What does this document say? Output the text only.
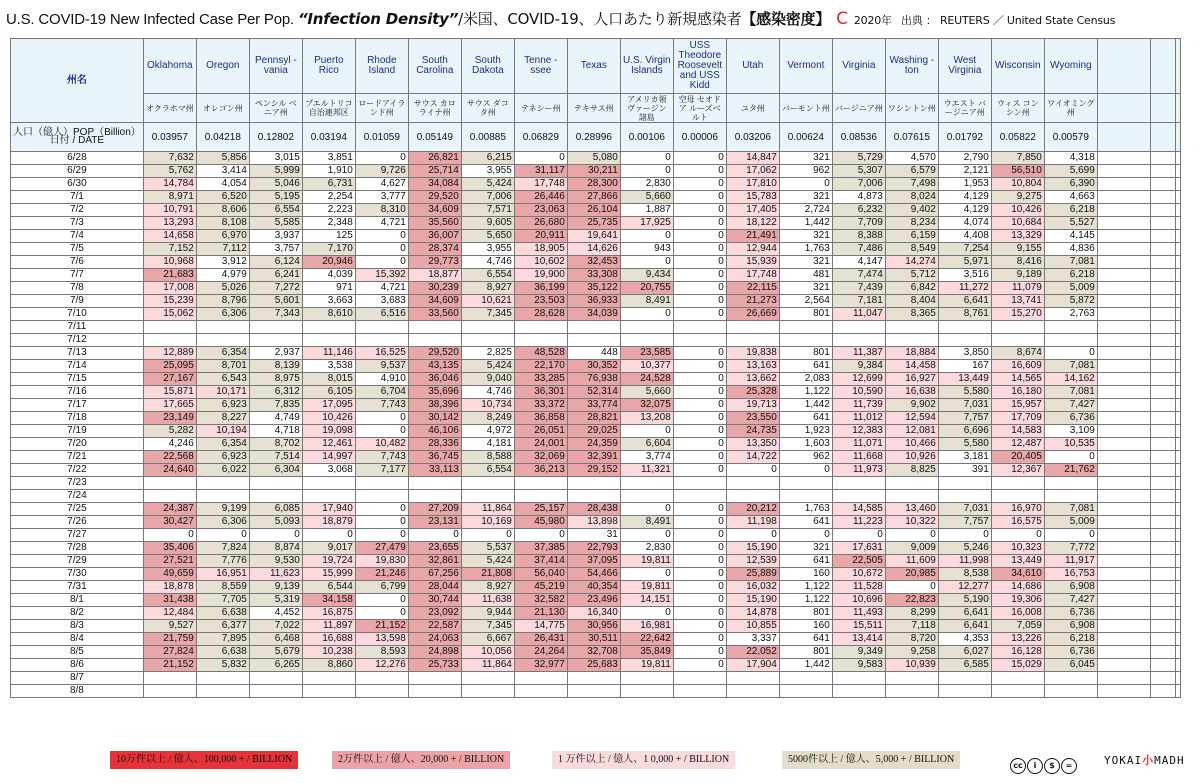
U.S. COVID-19 New Infected Case Per Pop. “Infection Density”/米国、COVID-19、人口あたり新規感染者【感染密度】 C 2020年 出典 ： REUTERS ／ United State Census
州名	Oklahoma	Oregon	Pennsyl -vania	Puerto Rico	Rhode Island	South Carolina	South Dakota	Tenne -ssee	Texas	U.S. Virgin Islands	USS Theodore Roosevelt and USS Kidd	Utah	Vermont	Virginia	Washing -ton	West Virginia	Wisconsin	Wyoming			
	オクラホマ州	オレゴン州	ペンシル ベニア州	プエルトリコ 自治連邦区	ロードアイラ ンド州	サウス カロライナ州	サウス ダコタ州	テネシー州	テキサス州	アメリカ領 ヴァージン 諸島	空母 セオドア ルーズベルト	ユタ州	バーモント州	バージニア州	ワシントン州	ウエスト バージニア州	ウィス コンシン州	ワイオミング 州			

人口（億人）POP（Billion）
日付 / DATE	0.03957	0.04218	0.12802	0.03194	0.01059	0.05149	0.00885	0.06829	0.28996	0.00106	0.00006	0.03206	0.00624	0.08536	0.07615	0.01792	0.05822	0.00579			
6/28	7,632	5,856	3,015	3,851	0	26,821	6,215	0	5,080	0	0	14,847	321	5,729	4,570	2,790	7,850	4,318			
6/29	5,762	3,414	5,999	1,910	9,726	25,714	3,955	31,117	30,211	0	0	17,062	962	5,307	6,579	2,121	56,510	5,699			
6/30	14,784	4,054	5,046	6,731	4,627	34,084	5,424	17,748	28,300	2,830	0	17,810	0	7,006	7,498	1,953	10,804	6,390			
7/1	8,971	6,520	5,195	2,254	3,777	29,520	7,006	26,446	27,866	5,660	0	15,783	321	4,873	8,024	4,129	9,275	4,663			
7/2	10,791	8,606	6,554	2,223	8,310	34,609	7,571	23,063	26,104	1,887	0	17,405	2,724	6,232	9,402	4,129	10,426	6,218			
7/3	13,293	8,108	5,585	2,348	4,721	35,560	9,605	26,680	25,735	17,925	0	18,122	1,442	7,709	8,234	4,074	10,684	5,527			
7/4	14,658	6,970	3,937	125	0	36,007	5,650	20,911	19,641	0	0	21,491	321	8,388	6,159	4,408	13,329	4,145			
7/5	7,152	7,112	3,757	7,170	0	28,374	3,955	18,905	14,626	943	0	12,944	1,763	7,486	8,549	7,254	9,155	4,836			
7/6	10,968	3,912	6,124	20,946	0	29,773	4,746	10,602	32,453	0	0	15,939	321	4,147	14,274	5,971	8,416	7,081			
7/7	21,683	4,979	6,241	4,039	15,392	18,877	6,554	19,900	33,308	9,434	0	17,748	481	7,474	5,712	3,516	9,189	6,218			
7/8	17,008	5,026	7,272	971	4,721	30,239	8,927	36,199	35,122	20,755	0	22,115	321	7,439	6,842	11,272	11,079	5,009			
7/9	15,239	8,796	5,601	3,663	3,683	34,609	10,621	23,503	36,933	8,491	0	21,273	2,564	7,181	8,404	6,641	13,741	5,872			
7/10	15,062	6,306	7,343	8,610	6,516	33,560	7,345	28,628	34,039	0	0	26,669	801	11,047	8,365	8,761	15,270	2,763			
7/11																					
7/12																					
7/13	12,889	6,354	2,937	11,146	16,525	29,520	2,825	48,528	448	23,585	0	19,838	801	11,387	18,884	3,850	8,674	0			
7/14	25,095	8,701	8,139	3,538	9,537	43,135	5,424	22,170	30,352	10,377	0	13,163	641	9,384	14,458	167	16,609	7,081			
7/15	27,167	6,543	8,975	8,015	4,910	36,046	9,040	33,285	76,938	24,528	0	13,662	2,083	12,699	16,927	13,449	14,565	14,162			
7/16	15,871	10,171	6,312	6,105	6,704	35,696	4,746	36,301	52,314	5,660	0	25,328	1,122	10,590	16,638	5,580	16,180	7,081			
7/17	17,665	6,923	7,835	17,095	7,743	38,396	10,734	33,372	33,774	32,075	0	19,713	1,442	11,739	9,902	7,031	15,957	7,427			
7/18	23,149	8,227	4,749	10,426	0	30,142	8,249	36,858	28,821	13,208	0	23,550	641	11,012	12,594	7,757	17,709	6,736			
7/19	5,282	10,194	4,718	19,098	0	46,106	4,972	26,051	29,025	0	0	24,735	1,923	12,383	12,081	6,696	14,583	3,109			
7/20	4,246	6,354	8,702	12,461	10,482	28,336	4,181	24,001	24,359	6,604	0	13,350	1,603	11,071	10,466	5,580	12,487	10,535			
7/21	22,568	6,923	7,514	14,997	7,743	36,745	8,588	32,069	32,391	3,774	0	14,722	962	11,668	10,926	3,181	20,405	0			
7/22	24,640	6,022	6,304	3,068	7,177	33,113	6,554	36,213	29,152	11,321	0	0	0	11,973	8,825	391	12,367	21,762			
7/23																					
7/24																					
7/25	24,387	9,199	6,085	17,940	0	27,209	11,864	25,157	28,438	0	0	20,212	1,763	14,585	13,460	7,031	16,970	7,081			
7/26	30,427	6,306	5,093	18,879	0	23,131	10,169	45,980	13,898	8,491	0	11,198	641	11,223	10,322	7,757	16,575	5,009			
7/27	0	0	0	0	0	0	0	0	31	0	0	0	0	0	0	0	0	0			
7/28	35,406	7,824	8,874	9,017	27,479	23,655	5,537	37,385	22,793	2,830	0	15,190	321	17,631	9,009	5,246	10,323	7,772			
7/29	27,521	7,776	9,530	19,724	19,830	32,861	5,424	37,414	37,095	19,811	0	12,539	641	22,505	11,609	11,998	13,449	11,917			
7/30	49,659	16,951	11,623	15,999	21,246	67,256	21,808	56,040	54,466	0	0	25,889	160	10,672	20,985	8,538	34,610	16,753			
7/31	18,878	8,559	9,139	6,544	6,799	28,044	8,927	45,219	40,354	19,811	0	16,032	1,122	11,528	0	12,277	14,686	6,908			
8/1	31,438	7,705	5,319	34,158	0	30,744	11,638	32,582	23,496	14,151	0	15,190	1,122	10,696	22,823	5,190	19,306	7,427			
8/2	12,484	6,638	4,452	16,875	0	23,092	9,944	21,130	16,340	0	0	14,878	801	11,493	8,299	6,641	16,008	6,736			
8/3	9,527	6,377	7,022	11,897	21,152	22,587	7,345	14,775	30,956	16,981	0	10,855	160	15,511	7,118	6,641	7,059	6,908			
8/4	21,759	7,895	6,468	16,688	13,598	24,063	6,667	26,431	30,511	22,642	0	3,337	641	13,414	8,720	4,353	13,226	6,218			
8/5	27,824	6,638	5,679	10,238	8,593	24,898	10,056	24,264	32,708	35,849	0	22,052	801	9,349	9,258	6,027	16,128	6,736			
8/6	21,152	5,832	6,265	8,860	12,276	25,733	11,864	32,977	25,683	19,811	0	17,904	1,442	9,583	10,939	6,585	15,029	6,045			
8/7																					
8/8																					
10万件以上 / 億人、100,000 + / BILLION	2万件以上 / 億人、20,000 + / BILLION	1 万件以上 / 億人、1 0,000 + / BILLION	5000件以上 / 億人、5,000 + / BILLION
cc i $ =	YOKAI小MADH
